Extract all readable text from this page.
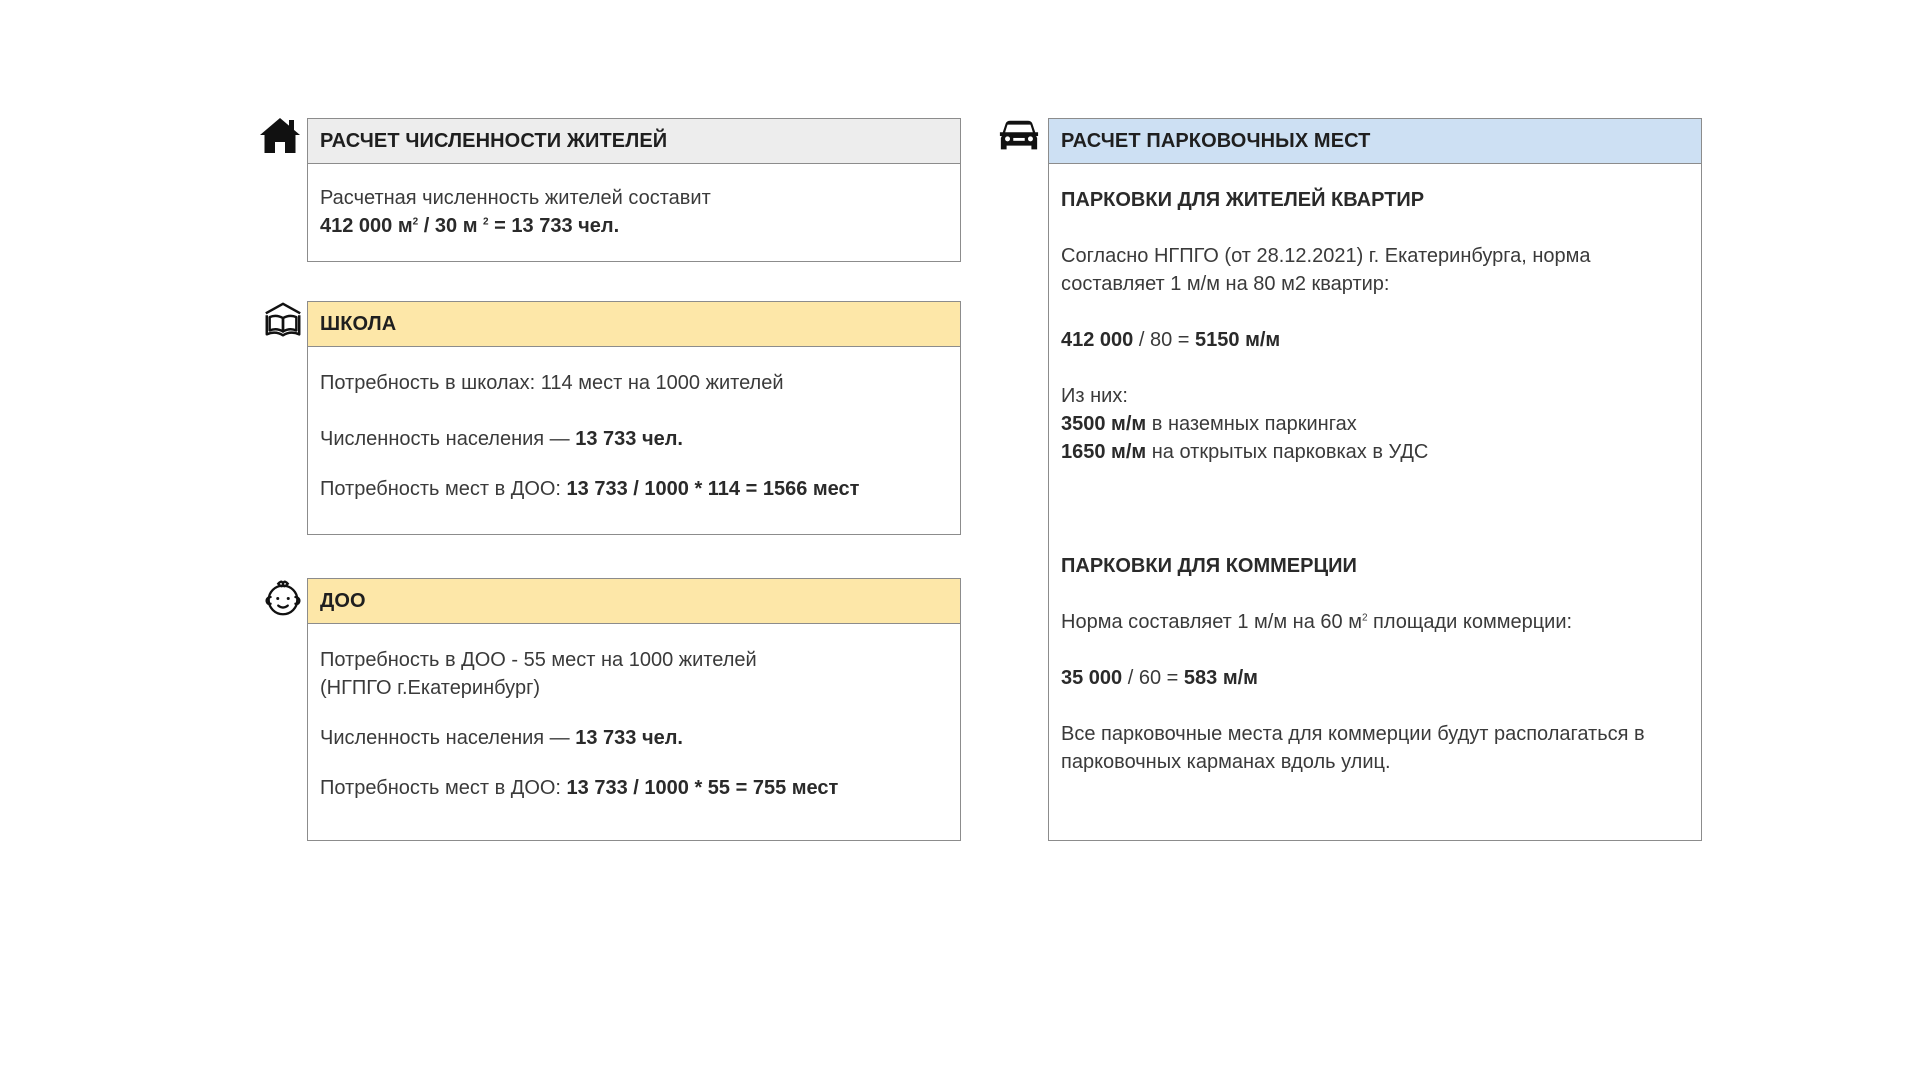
РАСЧЕТ ЧИСЛЕННОСТИ ЖИТЕЛЕЙ

Расчетная численность жителей составит

412 000 $м^2 / 30$ м $^2$ = 13 733 чел.

ШКОЛА

Потребность в школах: 114 мест на 1000 жителей

Численность населения — 13 733 чел.

Потребность мест в ДОО: 13 733 / 1000 * 114 = 1566 мест

ДОО

Потребность в ДОО - 55 мест на 1000 жителей

(НГПГО г.Екатеринбург)

Численность населения — 13 733 чел.

Потребность мест в ДОО: 13 733 / 1000 * 55 = 755 мест

РАСЧЕТ ПАРКОВОЧНЫХ МЕСТ

ПАРКОВКИ ДЛЯ ЖИТЕЛЕЙ КВАРТИР

Согласно НГПГО (от 28.12.2021) г. Екатеринбурга, норма

составляет 1 м/м на 80 м2 квартир:

412 000 / 80 = 5150 м/м

Из них:

3500 м/м в наземных паркингах

1650 м/м на открытых парковках в УДС

ПАРКОВКИ ДЛЯ КОММЕРЦИИ

Норма составляет 1 м/м на 60 $м^2$ площади коммерции:

35 000 / 60 = 583 м/м

Все парковочные места для коммерции будут располагаться в

парковочных карманах вдоль улиц.
